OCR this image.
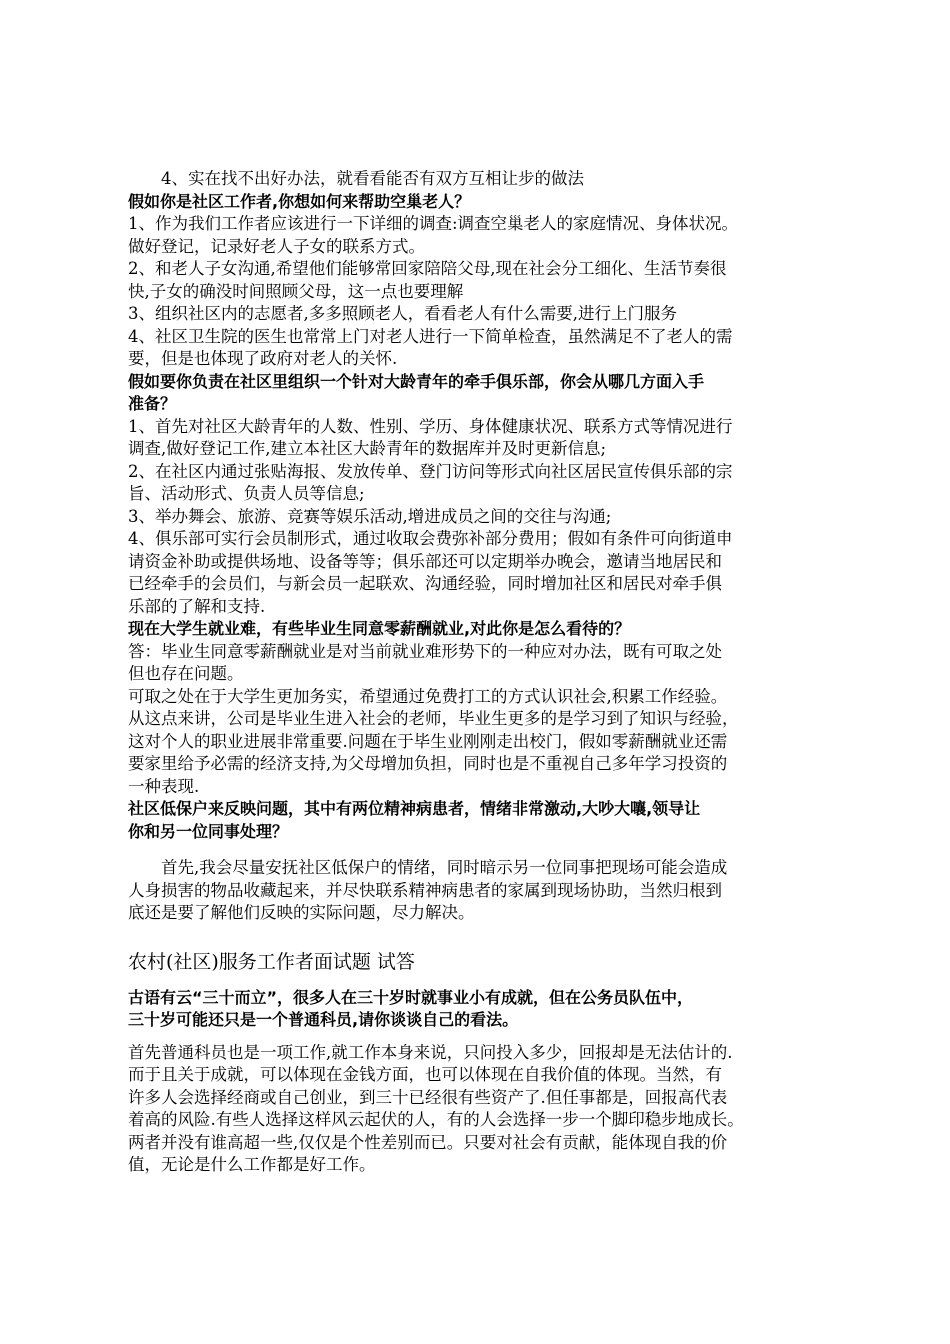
4、实在找不出好办法，就看看能否有双方互相让步的做法
假如你是社区工作者,你想如何来帮助空巢老人？
1、作为我们工作者应该进行一下详细的调查:调查空巢老人的家庭情况、身体状况。
做好登记，记录好老人子女的联系方式。
2、和老人子女沟通,希望他们能够常回家陪陪父母,现在社会分工细化、生活节奏很
快,子女的确没时间照顾父母，这一点也要理解
3、组织社区内的志愿者,多多照顾老人，看看老人有什么需要,进行上门服务
4、社区卫生院的医生也常常上门对老人进行一下简单检查，虽然满足不了老人的需
要，但是也体现了政府对老人的关怀.
假如要你负责在社区里组织一个针对大龄青年的牵手俱乐部，你会从哪几方面入手
准备？
1、首先对社区大龄青年的人数、性别、学历、身体健康状况、联系方式等情况进行
调查,做好登记工作,建立本社区大龄青年的数据库并及时更新信息;
2、在社区内通过张贴海报、发放传单、登门访问等形式向社区居民宣传俱乐部的宗
旨、活动形式、负责人员等信息;
3、举办舞会、旅游、竞赛等娱乐活动,增进成员之间的交往与沟通;
4、俱乐部可实行会员制形式，通过收取会费弥补部分费用；假如有条件可向街道申
请资金补助或提供场地、设备等等；俱乐部还可以定期举办晚会，邀请当地居民和
已经牵手的会员们，与新会员一起联欢、沟通经验，同时增加社区和居民对牵手俱
乐部的了解和支持.
现在大学生就业难，有些毕业生同意零薪酬就业,对此你是怎么看待的？
答：毕业生同意零薪酬就业是对当前就业难形势下的一种应对办法，既有可取之处
但也存在问题。
可取之处在于大学生更加务实，希望通过免费打工的方式认识社会,积累工作经验。
从这点来讲，公司是毕业生进入社会的老师，毕业生更多的是学习到了知识与经验，
这对个人的职业进展非常重要.问题在于毕生业刚刚走出校门，假如零薪酬就业还需
要家里给予必需的经济支持,为父母增加负担，同时也是不重视自己多年学习投资的
一种表现.
社区低保户来反映问题，其中有两位精神病患者，情绪非常激动,大吵大嚷,领导让
你和另一位同事处理？
首先,我会尽量安抚社区低保户的情绪，同时暗示另一位同事把现场可能会造成
人身损害的物品收藏起来，并尽快联系精神病患者的家属到现场协助，当然归根到
底还是要了解他们反映的实际问题，尽力解决。
农村(社区)服务工作者面试题 试答
古语有云“三十而立”，很多人在三十岁时就事业小有成就，但在公务员队伍中，
三十岁可能还只是一个普通科员,请你谈谈自己的看法。
首先普通科员也是一项工作,就工作本身来说，只问投入多少，回报却是无法估计的.
而于且关于成就，可以体现在金钱方面，也可以体现在自我价值的体现。当然，有
许多人会选择经商或自己创业，到三十已经很有些资产了.但任事都是，回报高代表
着高的风险.有些人选择这样风云起伏的人，有的人会选择一步一个脚印稳步地成长。
两者并没有谁高超一些,仅仅是个性差别而已。只要对社会有贡献，能体现自我的价
值，无论是什么工作都是好工作。
